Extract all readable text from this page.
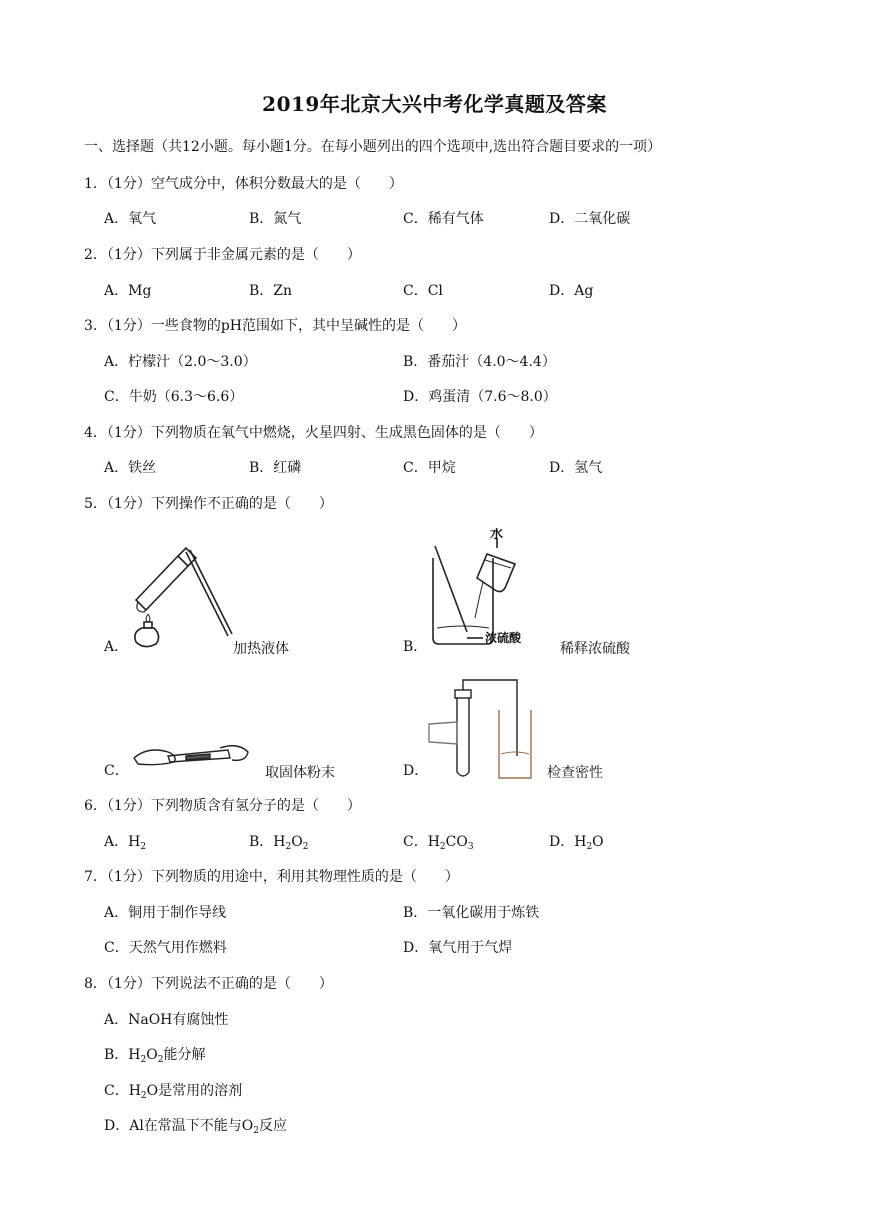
2019年北京大兴中考化学真题及答案
一、选择题（共12小题。每小题1分。在每小题列出的四个选项中,选出符合题目要求的一项）
1．（1分）空气成分中，体积分数最大的是（　　）
A．氧气	B．氮气	C．稀有气体	D．二氧化碳
2．（1分）下列属于非金属元素的是（　　）
A．Mg	B．Zn	C．Cl	D．Ag
3．（1分）一些食物的pH范围如下，其中呈碱性的是（　　）
A．柠檬汁（2.0～3.0）	B．番茄汁（4.0～4.4）
C．牛奶（6.3～6.6）	D．鸡蛋清（7.6～8.0）
4．（1分）下列物质在氧气中燃烧，火星四射、生成黑色固体的是（　　）
A．铁丝	B．红磷	C．甲烷	D．氢气
5．（1分）下列操作不正确的是（　　）
A．	加热液体
水
浓硫酸
B．	稀释浓硫酸
C．	取固体粉末	D．	检查密性
6．（1分）下列物质含有氢分子的是（　　）
A．$H_2$	B．$H_2O_2$	C．$H_2CO_3$	D．$H_2O$
7．（1分）下列物质的用途中，利用其物理性质的是（　　）
A．铜用于制作导线	B．一氧化碳用于炼铁
C．天然气用作燃料	D．氧气用于气焊
8．（1分）下列说法不正确的是（　　）
A．NaOH有腐蚀性
B．$H_2O_2$能分解
C．$H_2O$是常用的溶剂
D．Al在常温下不能与$O_2$反应
